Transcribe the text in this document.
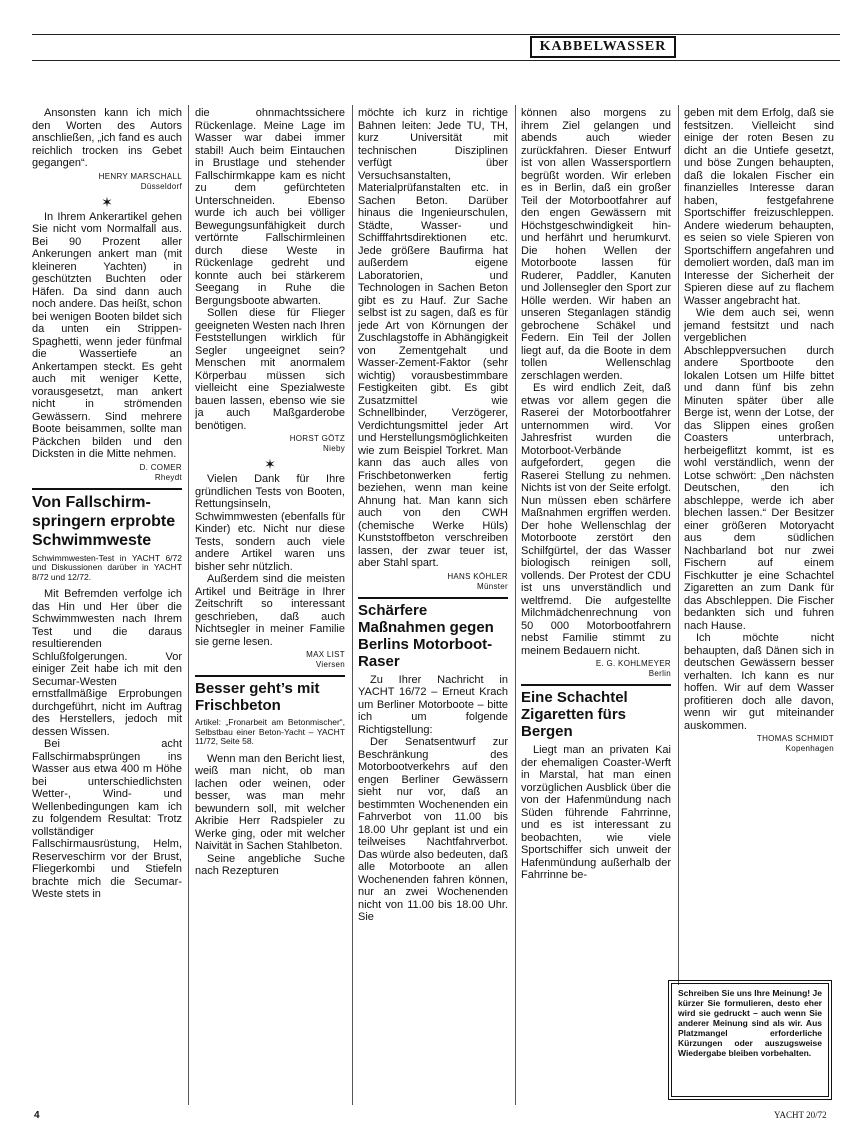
KABBELWASSER

Ansonsten kann ich mich den Worten des Autors anschließen, „ich fand es auch reichlich trocken ins Gebet gegangen“.

HENRY MARSCHALL
Düsseldorf
✶

In Ihrem Ankerartikel gehen Sie nicht vom Normalfall aus. Bei 90 Prozent aller Ankerungen ankert man (mit kleineren Yachten) in geschützten Buchten oder Häfen. Da sind dann auch noch andere. Das heißt, schon bei wenigen Booten bildet sich da unten ein Strippen-Spaghetti, wenn jeder fünfmal die Wassertiefe an Ankertampen steckt. Es geht auch mit weniger Kette, vorausgesetzt, man ankert nicht in strömenden Gewässern. Sind mehrere Boote beisammen, sollte man Päckchen bilden und den Dicksten in die Mitte nehmen.

D. COMER
Rheydt
Von Fallschirmspringern erprobte Schwimmweste
Schwimmwesten-Test in YACHT 6/72 und Diskussionen darüber in YACHT 8/72 und 12/72.

Mit Befremden verfolge ich das Hin und Her über die Schwimmwesten nach Ihrem Test und die daraus resultierenden Schlußfolgerungen. Vor einiger Zeit habe ich mit den Secumar-Westen ernstfallmäßige Erprobungen durchgeführt, nicht im Auftrag des Herstellers, jedoch mit dessen Wissen.

Bei acht Fallschirmabsprüngen ins Wasser aus etwa 400 m Höhe bei unterschiedlichsten Wetter-, Wind- und Wellenbedingungen kam ich zu folgendem Resultat: Trotz vollständiger Fallschirmausrüstung, Helm, Reserveschirm vor der Brust, Fliegerkombi und Stiefeln brachte mich die Secumar-Weste stets in

die ohnmachtssichere Rückenlage. Meine Lage im Wasser war dabei immer stabil! Auch beim Eintauchen in Brustlage und stehender Fallschirmkappe kam es nicht zu dem gefürchteten Unterschneiden. Ebenso wurde ich auch bei völliger Bewegungsunfähigkeit durch vertörnte Fallschirmleinen durch diese Weste in Rückenlage gedreht und konnte auch bei stärkerem Seegang in Ruhe die Bergungsboote abwarten.

Sollen diese für Flieger geeigneten Westen nach Ihren Feststellungen wirklich für Segler ungeeignet sein? Menschen mit anormalem Körperbau müssen sich vielleicht eine Spezialweste bauen lassen, ebenso wie sie ja auch Maßgarderobe benötigen.

HORST GÖTZ
Nieby
✶

Vielen Dank für Ihre gründlichen Tests von Booten, Rettungsinseln, Schwimmwesten (ebenfalls für Kinder) etc. Nicht nur diese Tests, sondern auch viele andere Artikel waren uns bisher sehr nützlich.

Außerdem sind die meisten Artikel und Beiträge in Ihrer Zeitschrift so interessant geschrieben, daß auch Nichtsegler in meiner Familie sie gerne lesen.

MAX LIST
Viersen
Besser geht’s mit Frischbeton
Artikel: „Fronarbeit am Betonmischer“, Selbstbau einer Beton-Yacht – YACHT 11/72, Seite 58.

Wenn man den Bericht liest, weiß man nicht, ob man lachen oder weinen, oder besser, was man mehr bewundern soll, mit welcher Akribie Herr Radspieler zu Werke ging, oder mit welcher Naivität in Sachen Stahlbeton.

Seine angebliche Suche nach Rezepturen

möchte ich kurz in richtige Bahnen leiten: Jede TU, TH, kurz Universität mit technischen Disziplinen verfügt über Versuchsanstalten, Materialprüfanstalten etc. in Sachen Beton. Darüber hinaus die Ingenieurschulen, Städte, Wasser- und Schifffahrtsdirektionen etc. Jede größere Baufirma hat außerdem eigene Laboratorien, und Technologen in Sachen Beton gibt es zu Hauf. Zur Sache selbst ist zu sagen, daß es für jede Art von Körnungen der Zuschlagstoffe in Abhängigkeit von Zementgehalt und Wasser-Zement-Faktor (sehr wichtig) vorausbestimmbare Festigkeiten gibt. Es gibt Zusatzmittel wie Schnellbinder, Verzögerer, Verdichtungsmittel jeder Art und Herstellungsmöglichkeiten wie zum Beispiel Torkret. Man kann das auch alles von Frischbetonwerken fertig beziehen, wenn man keine Ahnung hat. Man kann sich auch von den CWH (chemische Werke Hüls) Kunststoffbeton verschreiben lassen, der zwar teuer ist, aber Stahl spart.

HANS KÖHLER
Münster
Schärfere Maßnahmen gegen Berlins Motorboot-Raser

Zu Ihrer Nachricht in YACHT 16/72 – Erneut Krach um Berliner Motorboote – bitte ich um folgende Richtigstellung:

Der Senatsentwurf zur Beschränkung des Motorbootverkehrs auf den engen Berliner Gewässern sieht nur vor, daß an bestimmten Wochenenden ein Fahrverbot von 11.00 bis 18.00 Uhr geplant ist und ein teilweises Nachtfahrverbot. Das würde also bedeuten, daß alle Motorboote an allen Wochenenden fahren können, nur an zwei Wochenenden nicht von 11.00 bis 18.00 Uhr. Sie

können also morgens zu ihrem Ziel gelangen und abends auch wieder zurückfahren. Dieser Entwurf ist von allen Wassersportlern begrüßt worden. Wir erleben es in Berlin, daß ein großer Teil der Motorbootfahrer auf den engen Gewässern mit Höchstgeschwindigkeit hin- und herfährt und herumkurvt. Die hohen Wellen der Motorboote lassen für Ruderer, Paddler, Kanuten und Jollensegler den Sport zur Hölle werden. Wir haben an unseren Steganlagen ständig gebrochene Schäkel und Federn. Ein Teil der Jollen liegt auf, da die Boote in dem tollen Wellenschlag zerschlagen werden.

Es wird endlich Zeit, daß etwas vor allem gegen die Raserei der Motorbootfahrer unternommen wird. Vor Jahresfrist wurden die Motorboot-Verbände aufgefordert, gegen die Raserei Stellung zu nehmen. Nichts ist von der Seite erfolgt. Nun müssen eben schärfere Maßnahmen ergriffen werden. Der hohe Wellenschlag der Motorboote zerstört den Schilfgürtel, der das Wasser biologisch reinigen soll, vollends. Der Protest der CDU ist uns unverständlich und weltfremd. Die aufgestellte Milchmädchenrechnung von 50 000 Motorbootfahrern nebst Familie stimmt zu meinem Bedauern nicht.

E. G. KOHLMEYER
Berlin
Eine Schachtel Zigaretten fürs Bergen

Liegt man an privaten Kai der ehemaligen Coaster-Werft in Marstal, hat man einen vorzüglichen Ausblick über die von der Hafenmündung nach Süden führende Fahrrinne, und es ist interessant zu beobachten, wie viele Sportschiffer sich unweit der Hafenmündung außerhalb der Fahrrinne be-

geben mit dem Erfolg, daß sie festsitzen. Vielleicht sind einige der roten Besen zu dicht an die Untiefe gesetzt, und böse Zungen behaupten, daß die lokalen Fischer ein finanzielles Interesse daran haben, festgefahrene Sportschiffer freizuschleppen. Andere wiederum behaupten, es seien so viele Spieren von Sportschiffern angefahren und demoliert worden, daß man im Interesse der Sicherheit der Spieren diese auf zu flachem Wasser angebracht hat.

Wie dem auch sei, wenn jemand festsitzt und nach vergeblichen Abschleppversuchen durch andere Sportboote den lokalen Lotsen um Hilfe bittet und dann fünf bis zehn Minuten später über alle Berge ist, wenn der Lotse, der das Slippen eines großen Coasters unterbrach, herbeigeflitzt kommt, ist es wohl verständlich, wenn der Lotse schwört: „Den nächsten Deutschen, den ich abschleppe, werde ich aber blechen lassen.“ Der Besitzer einer größeren Motoryacht aus dem südlichen Nachbarland bot nur zwei Fischern auf einem Fischkutter je eine Schachtel Zigaretten an zum Dank für das Abschleppen. Die Fischer bedankten sich und fuhren nach Hause.

Ich möchte nicht behaupten, daß Dänen sich in deutschen Gewässern besser verhalten. Ich kann es nur hoffen. Wir auf dem Wasser profitieren doch alle davon, wenn wir gut miteinander auskommen.

THOMAS SCHMIDT
Kopenhagen
Schreiben Sie uns Ihre Meinung! Je kürzer Sie formulieren, desto eher wird sie gedruckt – auch wenn Sie anderer Meinung sind als wir. Aus Platzmangel erforderliche Kürzungen oder auszugsweise Wiedergabe bleiben vorbehalten.
4	YACHT 20/72
